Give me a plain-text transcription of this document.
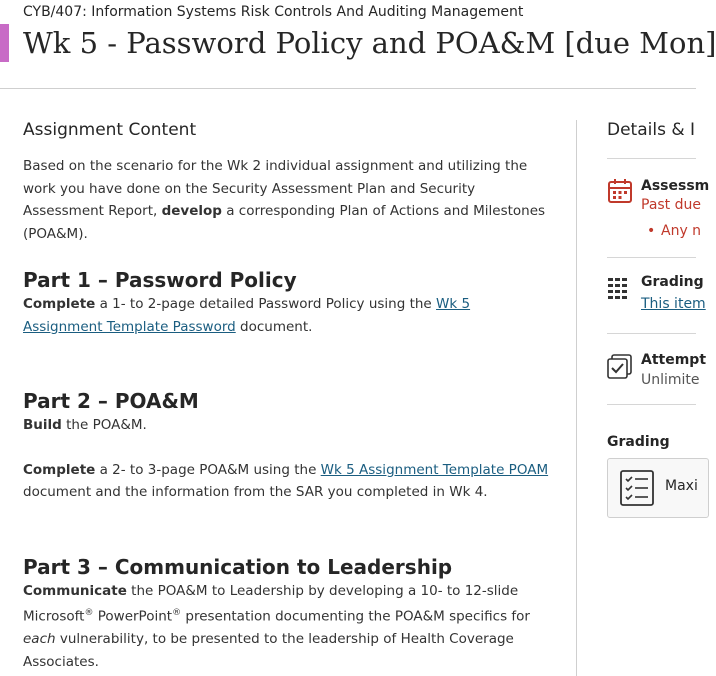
CYB/407: Information Systems Risk Controls And Auditing Management
Wk 5 - Password Policy and POA&M [due Mon]
Assignment Content

Based on the scenario for the Wk 2 individual assignment and utilizing the work you have done on the Security Assessment Plan and Security Assessment Report, develop a corresponding Plan of Actions and Milestones (POA&M).

Part 1 – Password Policy

Complete a 1- to 2-page detailed Password Policy using the Wk 5 Assignment Template Password document.

Part 2 – POA&M

Build the POA&M.

Complete a 2- to 3-page POA&M using the Wk 5 Assignment Template POAM document and the information from the SAR you completed in Wk 4.

Part 3 – Communication to Leadership

Communicate the POA&M to Leadership by developing a 10- to 12-slide Microsoft® PowerPoint® presentation documenting the POA&M specifics for each vulnerability, to be presented to the leadership of Health Coverage Associates.

Details & I
Assessm
Past due
• Any n
Grading
This item
Attempt
Unlimite
Grading
Maxi
